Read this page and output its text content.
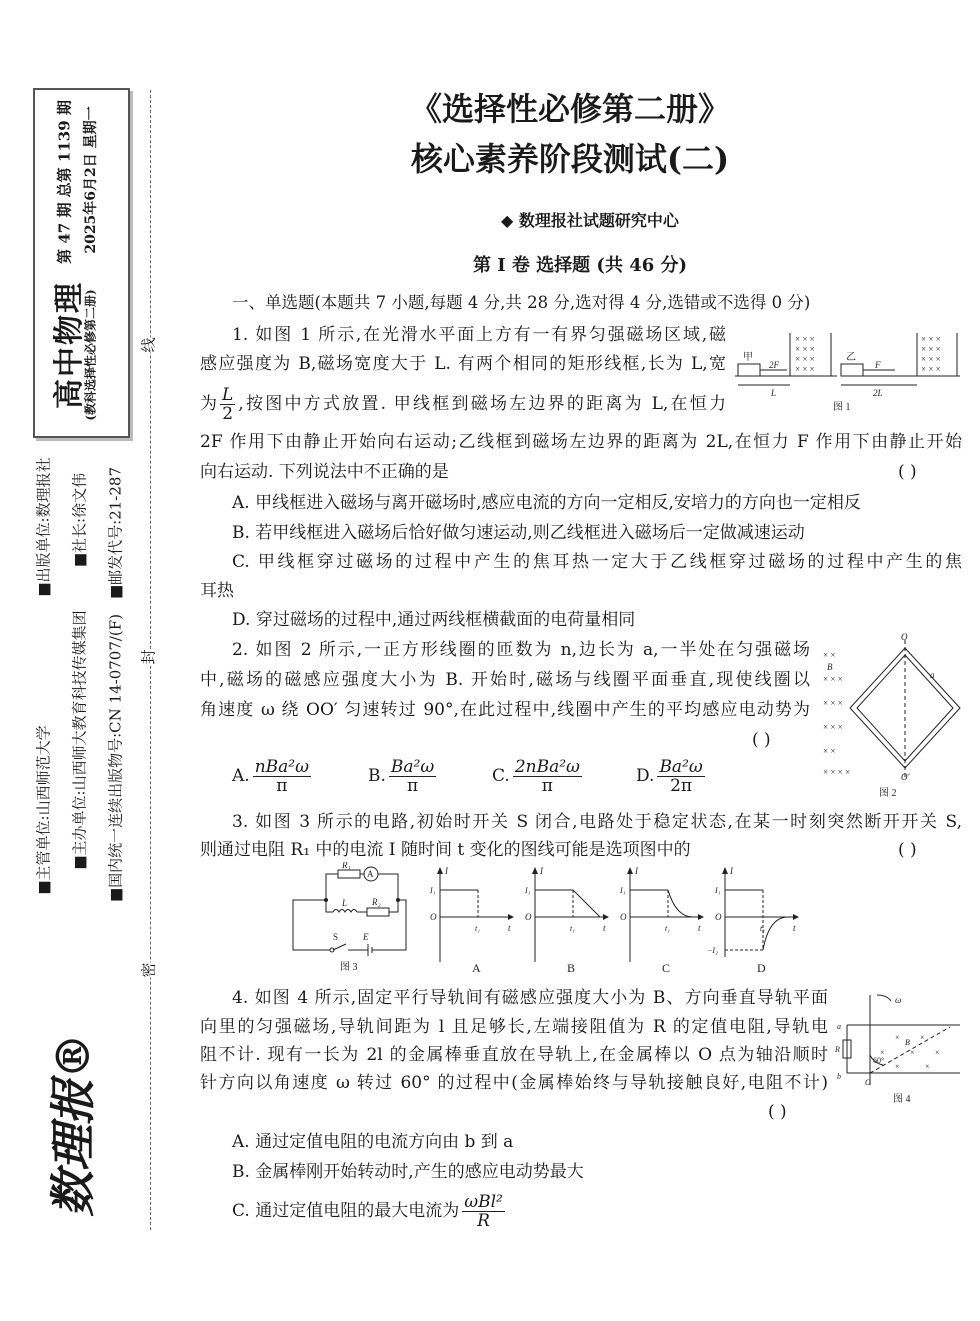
高中物理
第 47 期 总第 1139 期
(教科选择性必修第二册)
2025年6月2日 星期一
■主管单位:山西师范大学
■出版单位:数理报社
■主办单位:山西师大教育科技传媒集团
■社长:徐文伟
■国内统一连续出版物号:CN 14-0707/(F)
■邮发代号:21-287
数理报®
线
封
密
《选择性必修第二册》
核心素养阶段测试(二)
◆ 数理报社试题研究中心
第 Ⅰ 卷 选择题 (共 46 分)
一、单选题(本题共 7 小题,每题 4 分,共 28 分,选对得 4 分,选错或不选得 0 分)
1. 如图 1 所示,在光滑水平面上方有一有界匀强磁场区域,磁
感应强度为 B,磁场宽度大于 L. 有两个相同的矩形线框,长为 L,宽
为 $\frac{L}{2}$ ,按图中方式放置. 甲线框到磁场左边界的距离为 L,在恒力
2F 作用下由静止开始向右运动;乙线框到磁场左边界的距离为 2L,在恒力 F 作用下由静止开始
向右运动. 下列说法中不正确的是	( )
A. 甲线框进入磁场与离开磁场时,感应电流的方向一定相反,安培力的方向也一定相反
B. 若甲线框进入磁场后恰好做匀速运动,则乙线框进入磁场后一定做减速运动
C. 甲线框穿过磁场的过程中产生的焦耳热一定大于乙线框穿过磁场的过程中产生的焦
耳热
D. 穿过磁场的过程中,通过两线框横截面的电荷量相同
× × ×
× × ×
× × ×
× × ×
× × ×
× × ×
× × ×
× × ×
甲	乙
2F	F
L	2L
图 1
2. 如图 2 所示,一正方形线圈的匝数为 n,边长为 a,一半处在匀强磁场
中,磁场的磁感应强度大小为 B. 开始时,磁场与线圈平面垂直,现使线圈以
角速度 ω 绕 OO′ 匀速转过 90°,在此过程中,线圈中产生的平均感应电动势为
( )
A. $\frac{\text{nBa²ω}}{\pi}$	B. $\frac{\text{Ba²ω}}{\pi}$	C. $\frac{\text{2nBa²ω}}{\pi}$	D. $\frac{\text{Ba²ω}}{2\pi}$
× ×
× × ×
× × ×
× × ×
× ×
× × × ×
O
O′
B
a
图 2
3. 如图 3 所示的电路,初始时开关 S 闭合,电路处于稳定状态,在某一时刻突然断开开关 S,
则通过电阻 R₁ 中的电流 I 随时间 t 变化的图线可能是选项图中的	( )
R₁
A
L	R₂
S	E
图 3
I
t
O
I₁
t₁
A
I
t
O
I₁
t₁
B
I
t
O
I₁
t₁
C
−I₂
I
t
O
I₁
t₁
D
4. 如图 4 所示,固定平行导轨间有磁感应强度大小为 B、方向垂直导轨平面
向里的匀强磁场,导轨间距为 l 且足够长,左端接阻值为 R 的定值电阻,导轨电
阻不计. 现有一长为 2l 的金属棒垂直放在导轨上,在金属棒以 O 点为轴沿顺时
针方向以角速度 ω 转过 60° 的过程中(金属棒始终与导轨接触良好,电阻不计)
( )
A. 通过定值电阻的电流方向由 b 到 a
B. 金属棒刚开始转动时,产生的感应电动势最大
C. 通过定值电阻的最大电流为 $\frac{\text{ωBl²}}{R}$
×	×
×	×	×
×	×
ω
a
R
b
B
60°
O
图 4
